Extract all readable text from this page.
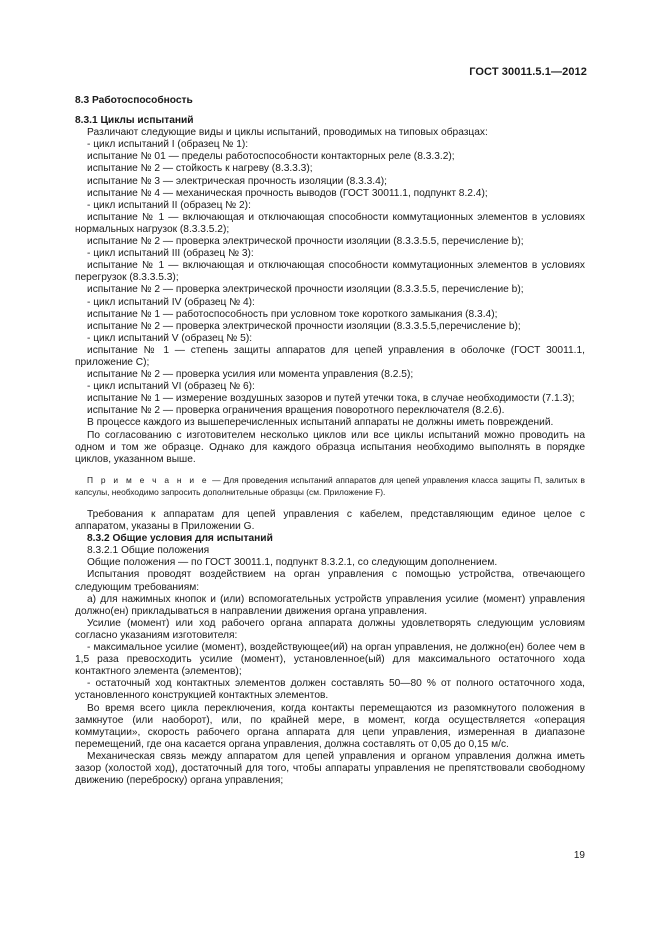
ГОСТ 30011.5.1—2012
8.3 Работоспособность
8.3.1 Циклы испытаний

Различают следующие виды и циклы испытаний, проводимых на типовых образцах:

- цикл испытаний I (образец № 1):

испытание № 01 — пределы работоспособности контакторных реле (8.3.3.2);

испытание № 2 — стойкость к нагреву (8.3.3.3);

испытание № 3 — электрическая прочность изоляции (8.3.3.4);

испытание № 4 — механическая прочность выводов (ГОСТ 30011.1, подпункт 8.2.4);

- цикл испытаний II (образец № 2):

испытание № 1 — включающая и отключающая способности коммутационных элементов в условиях нормальных нагрузок (8.3.3.5.2);

испытание № 2 — проверка электрической прочности изоляции (8.3.3.5.5, перечисление b);

- цикл испытаний III (образец № 3):

испытание № 1 — включающая и отключающая способности коммутационных элементов в условиях перегрузок (8.3.3.5.3);

испытание № 2 — проверка электрической прочности изоляции (8.3.3.5.5, перечисление b);

- цикл испытаний IV (образец № 4):

испытание № 1 — работоспособность при условном токе короткого замыкания (8.3.4);

испытание № 2 — проверка электрической прочности изоляции (8.3.3.5.5,перечисление b);

- цикл испытаний V (образец № 5):

испытание № 1 — степень защиты аппаратов для цепей управления в оболочке (ГОСТ 30011.1, приложение С);

испытание № 2 — проверка усилия или момента управления (8.2.5);

- цикл испытаний VI (образец № 6):

испытание № 1 — измерение воздушных зазоров и путей утечки тока, в случае необходимости (7.1.3);

испытание № 2 — проверка ограничения вращения поворотного переключателя (8.2.6).

В процессе каждого из вышеперечисленных испытаний аппараты не должны иметь повреждений.

По согласованию с изготовителем несколько циклов или все циклы испытаний можно проводить на одном и том же образце. Однако для каждого образца испытания необходимо выполнять в порядке циклов, указанном выше.

П р и м е ч а н и е — Для проведения испытаний аппаратов для цепей управления класса защиты П, залитых в капсулы, необходимо запросить дополнительные образцы (см. Приложение F).

Требования к аппаратам для цепей управления с кабелем, представляющим единое целое с аппаратом, указаны в Приложении G.

8.3.2 Общие условия для испытаний

8.3.2.1 Общие положения

Общие положения — по ГОСТ 30011.1, подпункт 8.3.2.1, со следующим дополнением.

Испытания проводят воздействием на орган управления с помощью устройства, отвечающего следующим требованиям:

а) для нажимных кнопок и (или) вспомогательных устройств управления усилие (момент) управления должно(ен) прикладываться в направлении движения органа управления.

Усилие (момент) или ход рабочего органа аппарата должны удовлетворять следующим условиям согласно указаниям изготовителя:

- максимальное усилие (момент), воздействующее(ий) на орган управления, не должно(ен) более чем в 1,5 раза превосходить усилие (момент), установленное(ый) для максимального остаточного хода контактного элемента (элементов);

- остаточный ход контактных элементов должен составлять 50—80 % от полного остаточного хода, установленного конструкцией контактных элементов.

Во время всего цикла переключения, когда контакты перемещаются из разомкнутого положения в замкнутое (или наоборот), или, по крайней мере, в момент, когда осуществляется «операция коммутации», скорость рабочего органа аппарата для цепи управления, измеренная в диапазоне перемещений, где она касается органа управления, должна составлять от 0,05 до 0,15 м/с.

Механическая связь между аппаратом для цепей управления и органом управления должна иметь зазор (холостой ход), достаточный для того, чтобы аппараты управления не препятствовали свободному движению (переброску) органа управления;

19
